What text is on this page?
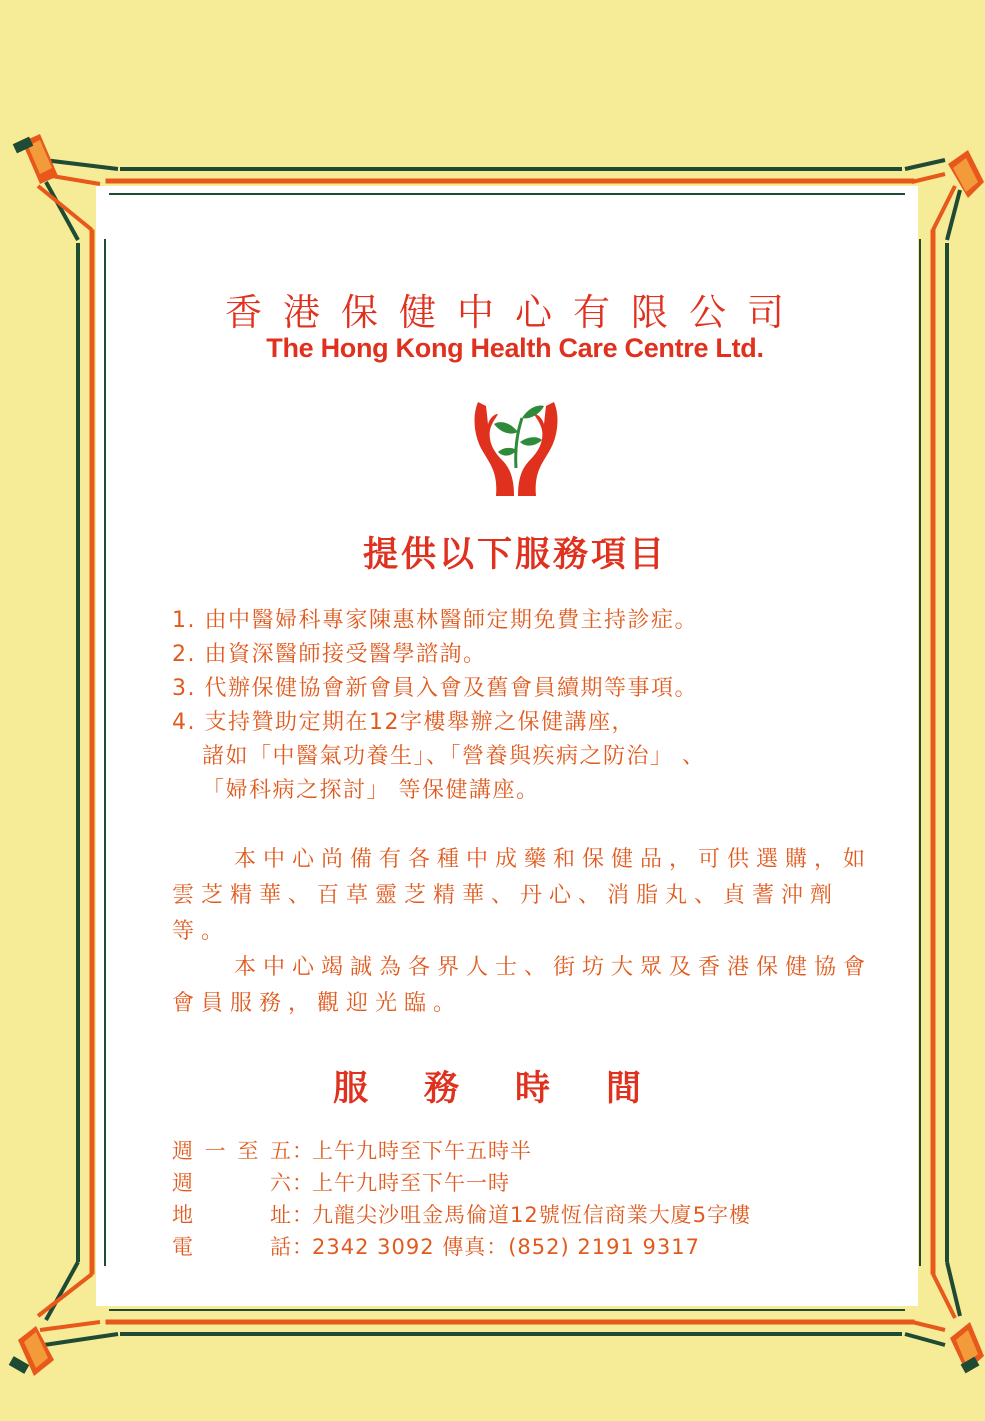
香港保健中心有限公司
The Hong Kong Health Care Centre Ltd.
提供以下服務項目
1. 由中醫婦科專家陳惠林醫師定期免費主持診症。
2. 由資深醫師接受醫學諮詢。
3. 代辦保健協會新會員入會及舊會員續期等事項。
4. 支持贊助定期在12字樓舉辦之保健講座，
諸如「中醫氣功養生」、「營養與疾病之防治」 、
「婦科病之探討」 等保健講座。

本中心尚備有各種中成藥和保健品，可供選購，如雲芝精華、百草靈芝精華、丹心、消脂丸、貞蓍沖劑等。

本中心竭誠為各界人士、街坊大眾及香港保健協會會員服務，觀迎光臨。

服務時間
週 一 至 五 ：
上午九時至下午五時半
週	六 ：
上午九時至下午一時
地	址 ：
九龍尖沙咀金馬倫道12號恆信商業大廈5字樓
電	話 ：
2342 3092 傳真：(852) 2191 9317
